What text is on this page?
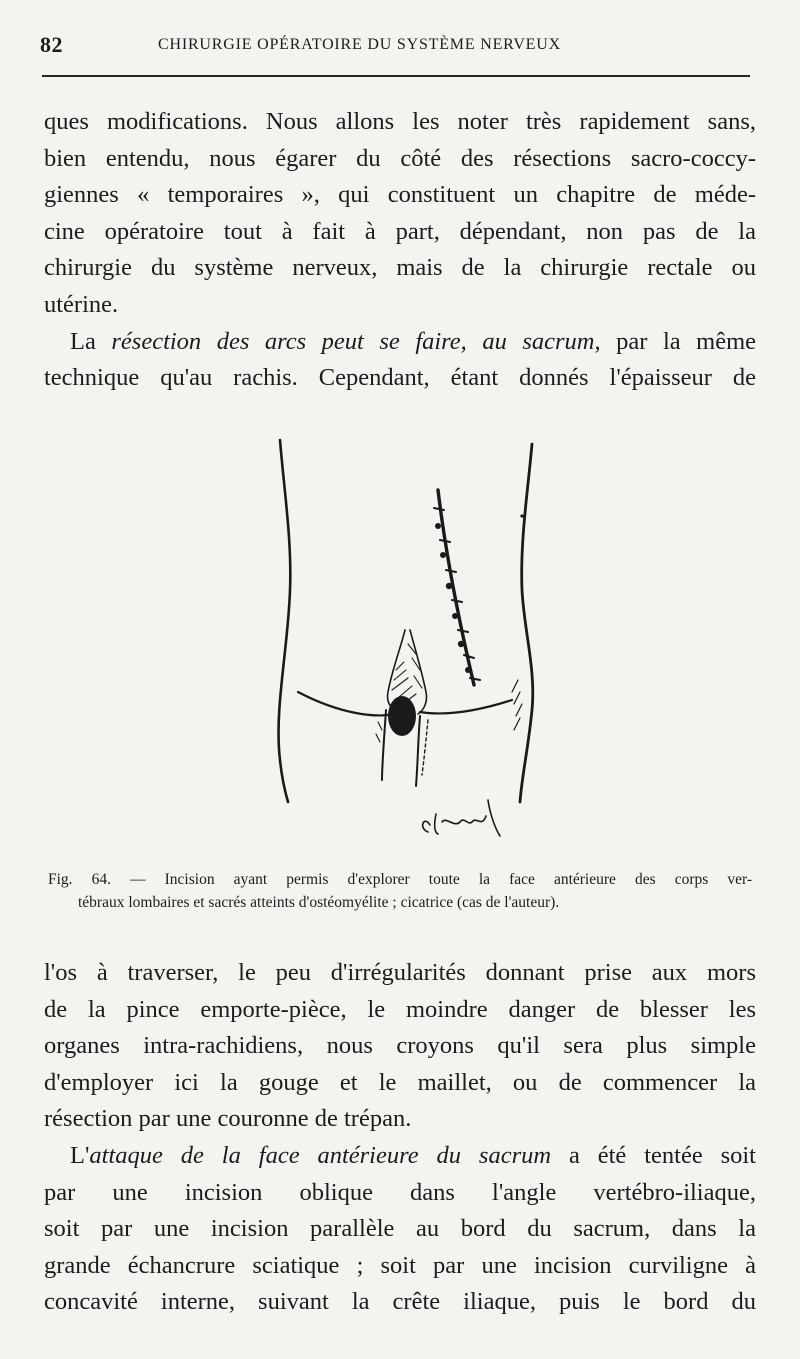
82	CHIRURGIE OPÉRATOIRE DU SYSTÈME NERVEUX
ques modifications. Nous allons les noter très rapidement sans,
bien entendu, nous égarer du côté des résections sacro-coccy-
giennes « temporaires », qui constituent un chapitre de méde-
cine opératoire tout à fait à part, dépendant, non pas de la
chirurgie du système nerveux, mais de la chirurgie rectale ou
utérine.
La résection des arcs peut se faire, au sacrum, par la même
technique qu'au rachis. Cependant, étant donnés l'épaisseur de
Fig. 64. — Incision ayant permis d'explorer toute la face antérieure des corps ver-
tébraux lombaires et sacrés atteints d'ostéomyélite ; cicatrice (cas de l'auteur).
l'os à traverser, le peu d'irrégularités donnant prise aux mors
de la pince emporte-pièce, le moindre danger de blesser les
organes intra-rachidiens, nous croyons qu'il sera plus simple
d'employer ici la gouge et le maillet, ou de commencer la
résection par une couronne de trépan.
L'attaque de la face antérieure du sacrum a été tentée soit
par une incision oblique dans l'angle vertébro-iliaque,
soit par une incision parallèle au bord du sacrum, dans la
grande échancrure sciatique ; soit par une incision curviligne à
concavité interne, suivant la crête iliaque, puis le bord du
